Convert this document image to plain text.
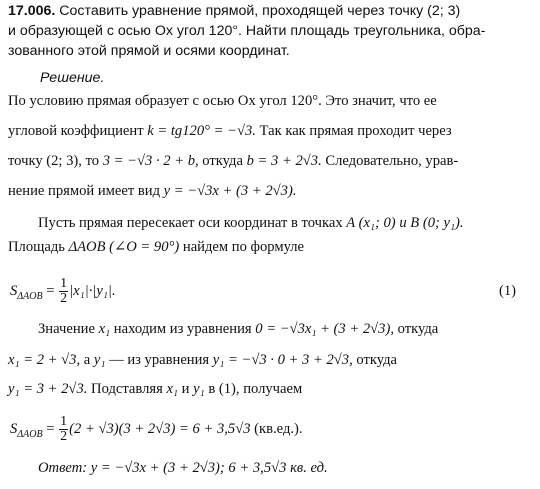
17.006. Составить уравнение прямой, проходящей через точку (2; 3)
и образующей с осью Ox угол 120°. Найти площадь треугольника, обра-
зованного этой прямой и осями координат.
Решение.
По условию прямая образует с осью Ox угол 120°. Это значит, что ее
угловой коэффициент k = tg120° = −√3. Так как прямая проходит через
точку (2; 3), то 3 = −√3 · 2 + b, откуда b = 3 + 2√3. Следовательно, урав-
нение прямой имеет вид y = −√3x + (3 + 2√3).
Пусть прямая пересекает оси координат в точках A (x₁; 0) и B (0; y₁).
Площадь ΔAOB (∠O = 90°) найдем по формуле
$S_{\Delta AOB} = \frac{1}{2} |x_1|\cdot|y_1|$.	(1)
Значение x₁ находим из уравнения 0 = −√3x₁ + (3 + 2√3), откуда
x₁ = 2 + √3, а y₁ — из уравнения y₁ = −√3 · 0 + 3 + 2√3, откуда
y₁ = 3 + 2√3. Подставляя x₁ и y₁ в (1), получаем
$S_{\Delta AOB} = \frac{1}{2} (2 + √3)(3 + 2√3) = 6 + 3,5√3$ (кв.ед.).
Ответ: y = −√3x + (3 + 2√3); 6 + 3,5√3 кв. ед.
